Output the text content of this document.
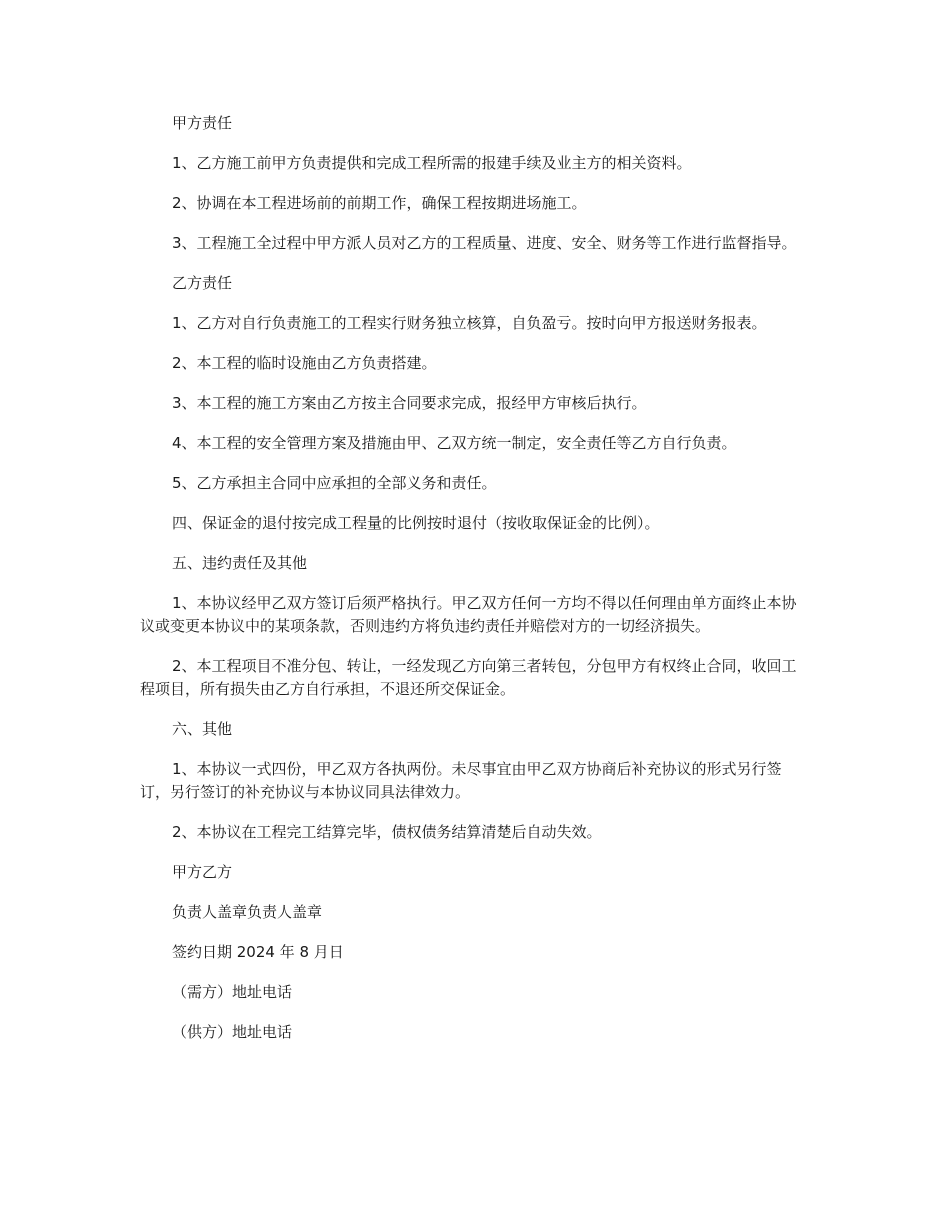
甲方责任

1、乙方施工前甲方负责提供和完成工程所需的报建手续及业主方的相关资料。

2、协调在本工程进场前的前期工作，确保工程按期进场施工。

3、工程施工全过程中甲方派人员对乙方的工程质量、进度、安全、财务等工作进行监督指导。

乙方责任

1、乙方对自行负责施工的工程实行财务独立核算，自负盈亏。按时向甲方报送财务报表。

2、本工程的临时设施由乙方负责搭建。

3、本工程的施工方案由乙方按主合同要求完成，报经甲方审核后执行。

4、本工程的安全管理方案及措施由甲、乙双方统一制定，安全责任等乙方自行负责。

5、乙方承担主合同中应承担的全部义务和责任。

四、保证金的退付按完成工程量的比例按时退付（按收取保证金的比例）。

五、违约责任及其他

1、本协议经甲乙双方签订后须严格执行。甲乙双方任何一方均不得以任何理由单方面终止本协议或变更本协议中的某项条款，否则违约方将负违约责任并赔偿对方的一切经济损失。

2、本工程项目不准分包、转让，一经发现乙方向第三者转包，分包甲方有权终止合同，收回工程项目，所有损失由乙方自行承担，不退还所交保证金。

六、其他

1、本协议一式四份，甲乙双方各执两份。未尽事宜由甲乙双方协商后补充协议的形式另行签订，另行签订的补充协议与本协议同具法律效力。

2、本协议在工程完工结算完毕，债权债务结算清楚后自动失效。

甲方乙方

负责人盖章负责人盖章

签约日期 2024 年 8 月日

（需方）地址电话

（供方）地址电话
